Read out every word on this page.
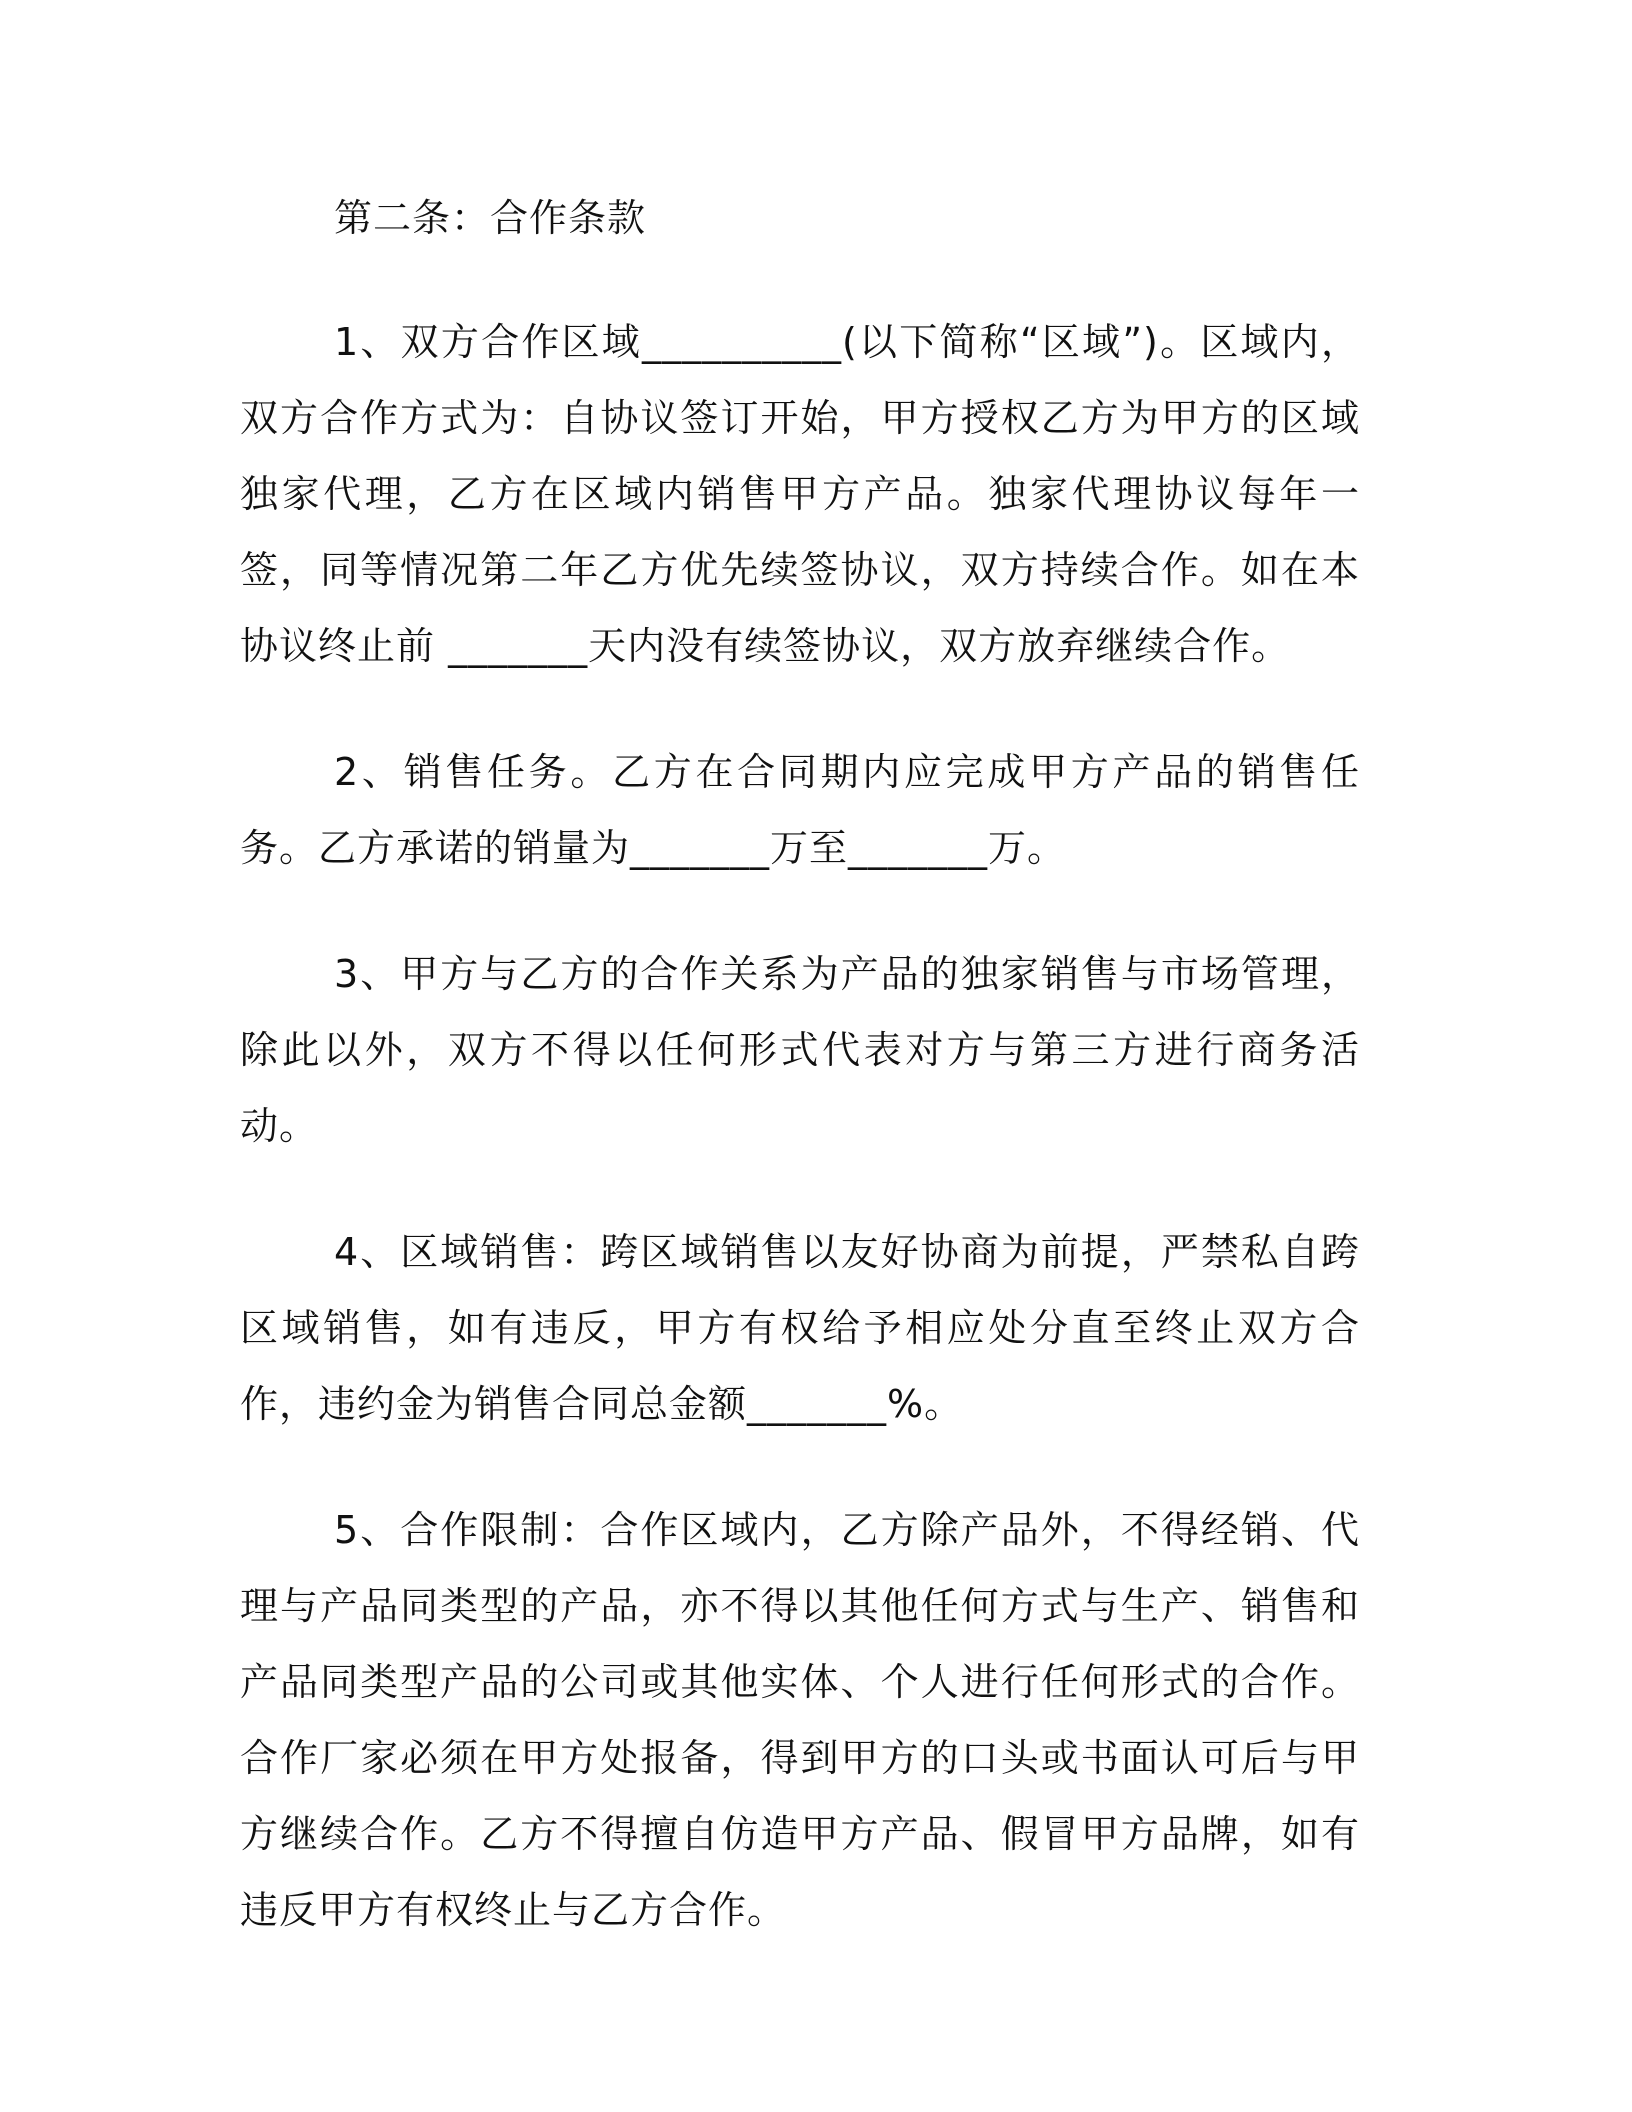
第二条：合作条款

1、双方合作区域__________(以下简称“区域”)。区域内，双方合作方式为：自协议签订开始，甲方授权乙方为甲方的区域独家代理，乙方在区域内销售甲方产品。独家代理协议每年一签，同等情况第二年乙方优先续签协议，双方持续合作。如在本协议终止前 _______天内没有续签协议，双方放弃继续合作。

2、销售任务。乙方在合同期内应完成甲方产品的销售任务。乙方承诺的销量为_______万至_______万。

3、甲方与乙方的合作关系为产品的独家销售与市场管理，除此以外，双方不得以任何形式代表对方与第三方进行商务活动。

4、区域销售：跨区域销售以友好协商为前提，严禁私自跨区域销售，如有违反，甲方有权给予相应处分直至终止双方合作，违约金为销售合同总金额_______%。

5、合作限制：合作区域内，乙方除产品外，不得经销、代理与产品同类型的产品，亦不得以其他任何方式与生产、销售和产品同类型产品的公司或其他实体、个人进行任何形式的合作。合作厂家必须在甲方处报备，得到甲方的口头或书面认可后与甲方继续合作。乙方不得擅自仿造甲方产品、假冒甲方品牌，如有违反甲方有权终止与乙方合作。
